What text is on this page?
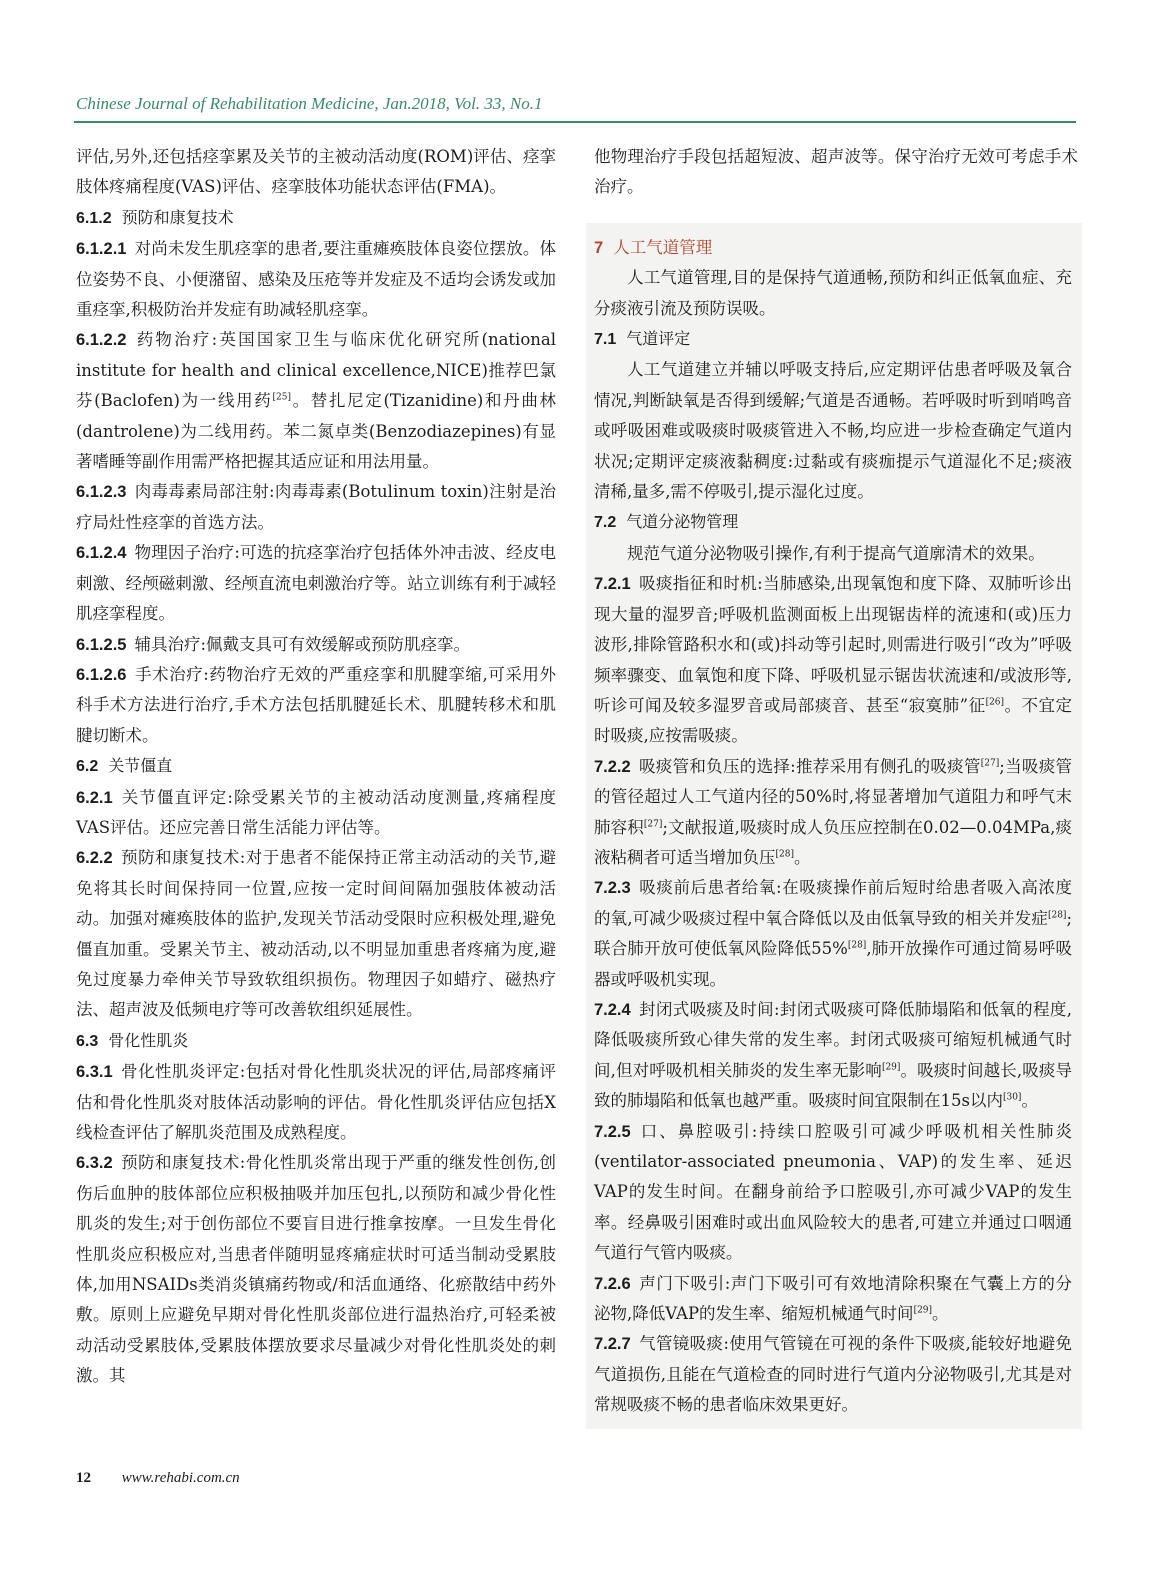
Chinese Journal of Rehabilitation Medicine, Jan.2018, Vol. 33, No.1

评估,另外,还包括痉挛累及关节的主被动活动度(ROM)评估、痉挛肢体疼痛程度(VAS)评估、痉挛肢体功能状态评估(FMA)。

6.1.2 预防和康复技术

6.1.2.1 对尚未发生肌痉挛的患者,要注重瘫痪肢体良姿位摆放。体位姿势不良、小便潴留、感染及压疮等并发症及不适均会诱发或加重痉挛,积极防治并发症有助减轻肌痉挛。

6.1.2.2 药物治疗:英国国家卫生与临床优化研究所(national institute for health and clinical excellence,NICE)推荐巴氯芬(Baclofen)为一线用药[25]。替扎尼定(Tizanidine)和丹曲林(dantrolene)为二线用药。苯二氮卓类(Benzodiazepines)有显著嗜睡等副作用需严格把握其适应证和用法用量。

6.1.2.3 肉毒毒素局部注射:肉毒毒素(Botulinum toxin)注射是治疗局灶性痉挛的首选方法。

6.1.2.4 物理因子治疗:可选的抗痉挛治疗包括体外冲击波、经皮电刺激、经颅磁刺激、经颅直流电刺激治疗等。站立训练有利于减轻肌痉挛程度。

6.1.2.5 辅具治疗:佩戴支具可有效缓解或预防肌痉挛。

6.1.2.6 手术治疗:药物治疗无效的严重痉挛和肌腱挛缩,可采用外科手术方法进行治疗,手术方法包括肌腱延长术、肌腱转移术和肌腱切断术。

6.2 关节僵直

6.2.1 关节僵直评定:除受累关节的主被动活动度测量,疼痛程度VAS评估。还应完善日常生活能力评估等。

6.2.2 预防和康复技术:对于患者不能保持正常主动活动的关节,避免将其长时间保持同一位置,应按一定时间间隔加强肢体被动活动。加强对瘫痪肢体的监护,发现关节活动受限时应积极处理,避免僵直加重。受累关节主、被动活动,以不明显加重患者疼痛为度,避免过度暴力牵伸关节导致软组织损伤。物理因子如蜡疗、磁热疗法、超声波及低频电疗等可改善软组织延展性。

6.3 骨化性肌炎

6.3.1 骨化性肌炎评定:包括对骨化性肌炎状况的评估,局部疼痛评估和骨化性肌炎对肢体活动影响的评估。骨化性肌炎评估应包括X线检查评估了解肌炎范围及成熟程度。

6.3.2 预防和康复技术:骨化性肌炎常出现于严重的继发性创伤,创伤后血肿的肢体部位应积极抽吸并加压包扎,以预防和减少骨化性肌炎的发生;对于创伤部位不要盲目进行推拿按摩。一旦发生骨化性肌炎应积极应对,当患者伴随明显疼痛症状时可适当制动受累肢体,加用NSAIDs类消炎镇痛药物或/和活血通络、化瘀散结中药外敷。原则上应避免早期对骨化性肌炎部位进行温热治疗,可轻柔被动活动受累肢体,受累肢体摆放要求尽量减少对骨化性肌炎处的刺激。其

他物理治疗手段包括超短波、超声波等。保守治疗无效可考虑手术治疗。

7 人工气道管理

人工气道管理,目的是保持气道通畅,预防和纠正低氧血症、充分痰液引流及预防误吸。

7.1 气道评定

人工气道建立并辅以呼吸支持后,应定期评估患者呼吸及氧合情况,判断缺氧是否得到缓解;气道是否通畅。若呼吸时听到哨鸣音或呼吸困难或吸痰时吸痰管进入不畅,均应进一步检查确定气道内状况;定期评定痰液黏稠度:过黏或有痰痂提示气道湿化不足;痰液清稀,量多,需不停吸引,提示湿化过度。

7.2 气道分泌物管理

规范气道分泌物吸引操作,有利于提高气道廓清术的效果。

7.2.1 吸痰指征和时机:当肺感染,出现氧饱和度下降、双肺听诊出现大量的湿罗音;呼吸机监测面板上出现锯齿样的流速和(或)压力波形,排除管路积水和(或)抖动等引起时,则需进行吸引“改为”呼吸频率骤变、血氧饱和度下降、呼吸机显示锯齿状流速和/或波形等,听诊可闻及较多湿罗音或局部痰音、甚至“寂寞肺”征[26]。不宜定时吸痰,应按需吸痰。

7.2.2 吸痰管和负压的选择:推荐采用有侧孔的吸痰管[27];当吸痰管的管径超过人工气道内径的50%时,将显著增加气道阻力和呼气末肺容积[27];文献报道,吸痰时成人负压应控制在0.02—0.04MPa,痰液粘稠者可适当增加负压[28]。

7.2.3 吸痰前后患者给氧:在吸痰操作前后短时给患者吸入高浓度的氧,可减少吸痰过程中氧合降低以及由低氧导致的相关并发症[28];联合肺开放可使低氧风险降低55%[28],肺开放操作可通过简易呼吸器或呼吸机实现。

7.2.4 封闭式吸痰及时间:封闭式吸痰可降低肺塌陷和低氧的程度,降低吸痰所致心律失常的发生率。封闭式吸痰可缩短机械通气时间,但对呼吸机相关肺炎的发生率无影响[29]。吸痰时间越长,吸痰导致的肺塌陷和低氧也越严重。吸痰时间宜限制在15s以内[30]。

7.2.5 口、鼻腔吸引:持续口腔吸引可减少呼吸机相关性肺炎(ventilator-associated pneumonia、VAP)的发生率、延迟VAP的发生时间。在翻身前给予口腔吸引,亦可减少VAP的发生率。经鼻吸引困难时或出血风险较大的患者,可建立并通过口咽通气道行气管内吸痰。

7.2.6 声门下吸引:声门下吸引可有效地清除积聚在气囊上方的分泌物,降低VAP的发生率、缩短机械通气时间[29]。

7.2.7 气管镜吸痰:使用气管镜在可视的条件下吸痰,能较好地避免气道损伤,且能在气道检查的同时进行气道内分泌物吸引,尤其是对常规吸痰不畅的患者临床效果更好。

12 www.rehabi.com.cn
